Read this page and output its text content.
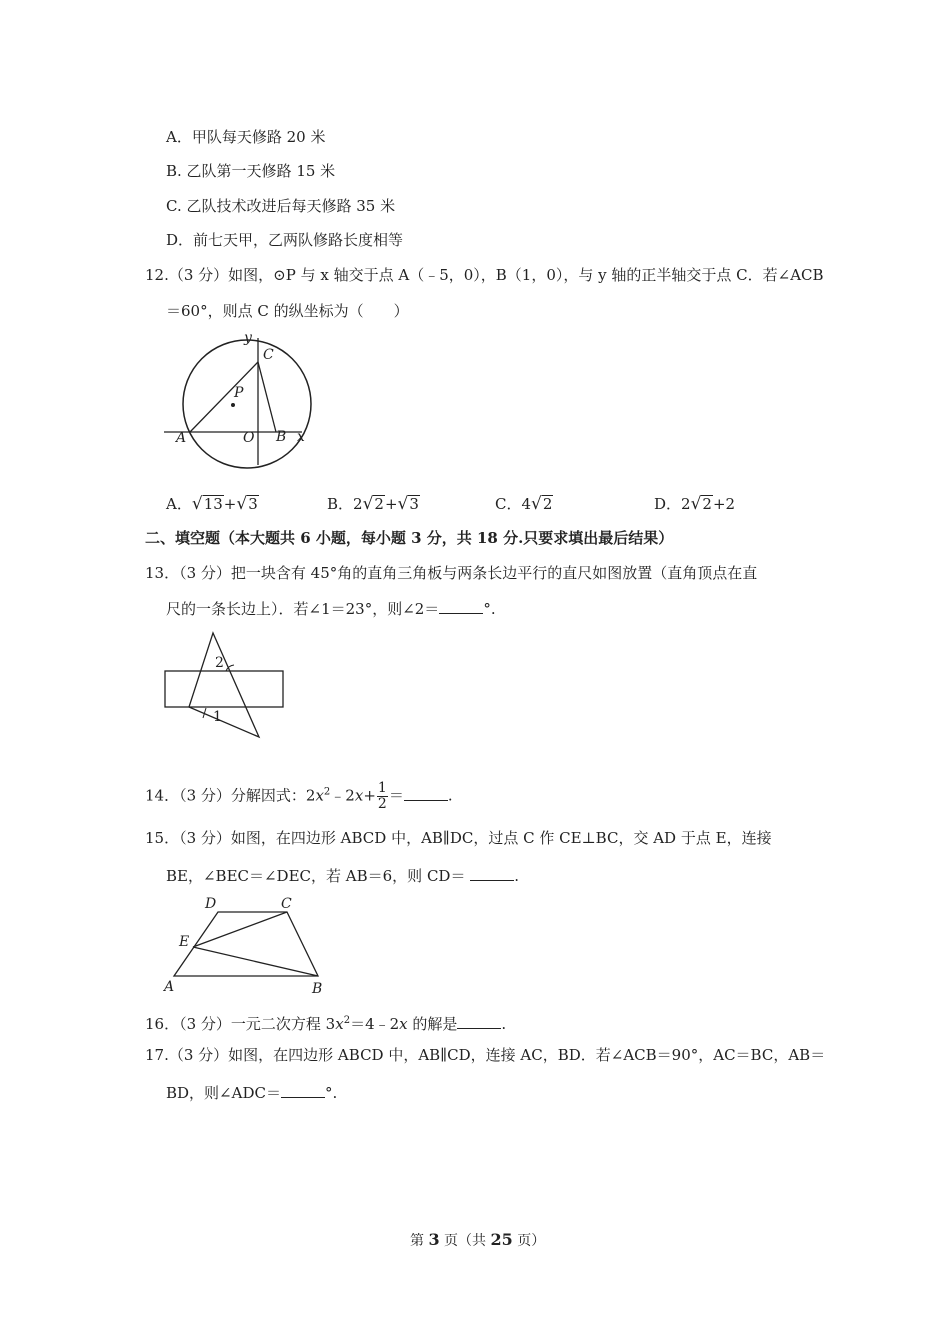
A．甲队每天修路 20 米
B. 乙队第一天修路 15 米
C. 乙队技术改进后每天修路 35 米
D．前七天甲，乙两队修路长度相等
12.（3 分）如图，⊙P 与 x 轴交于点 A（﹣5，0），B（1，0），与 y 轴的正半轴交于点 C．若∠ACB
＝60°，则点 C 的纵坐标为（　　）
y
C
P
A	O B x
A．√13+√3	B．2√2+√3	C．4√2	D．2√2+2
二、填空题（本大题共 6 小题，每小题 3 分，共 18 分.只要求填出最后结果）
13．（3 分）把一块含有 45°角的直角三角板与两条长边平行的直尺如图放置（直角顶点在直
尺的一条长边上）．若∠1＝23°，则∠2＝	°.
2
1
14．（3 分）分解因式：$2x^2﹣2x+ \frac{1}{2}$ ＝	.
15．（3 分）如图，在四边形 ABCD 中，AB∥DC，过点 C 作 CE⊥BC，交 AD 于点 E，连接
BE，∠BEC＝∠DEC，若 AB＝6，则 CD＝	.
D	C
E
A	B
16．（3 分）一元二次方程 $3x^2=4﹣2x$ 的解是	.
17.（3 分）如图，在四边形 ABCD 中，AB∥CD，连接 AC，BD．若∠ACB＝90°，AC＝BC，AB＝
BD，则∠ADC＝	°.
第 3 页（共 25 页）
